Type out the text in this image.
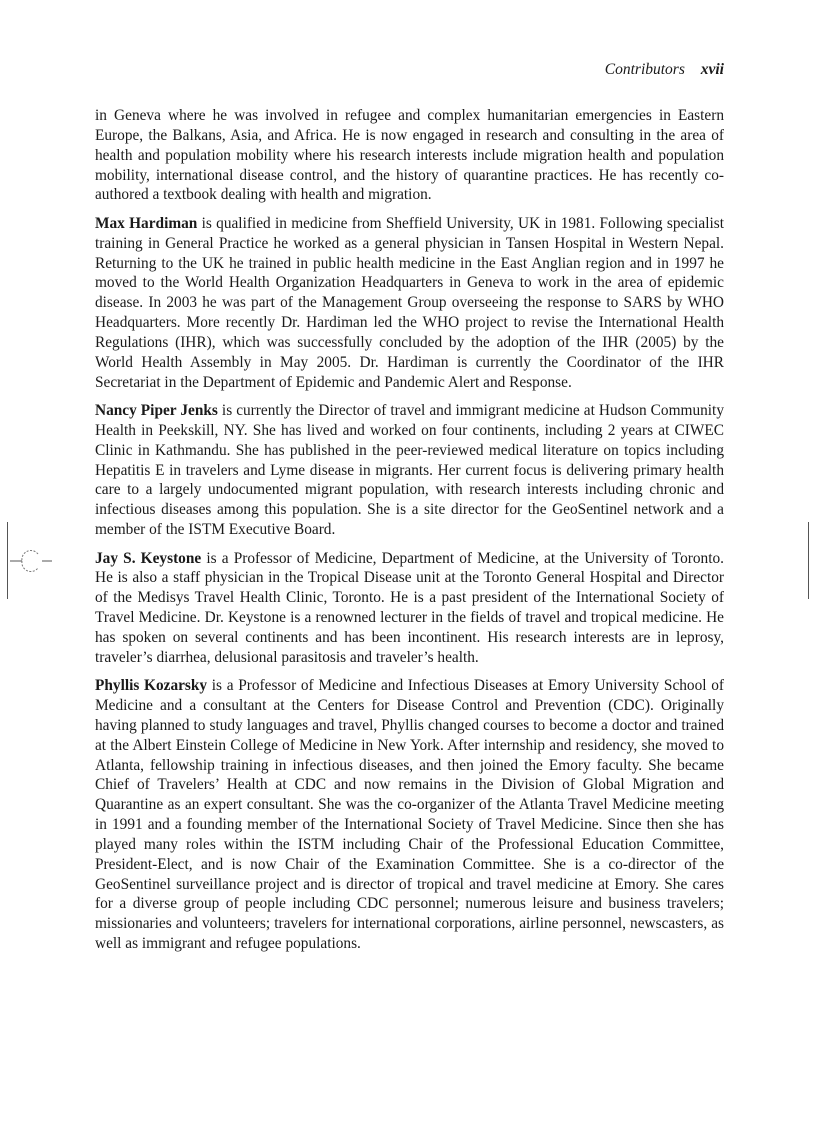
Contributors xvii

in Geneva where he was involved in refugee and complex humanitarian emergencies in Eastern Europe, the Balkans, Asia, and Africa. He is now engaged in research and consulting in the area of health and population mobility where his research interests include migration health and population mobility, international disease control, and the history of quarantine practices. He has recently co-authored a textbook dealing with health and migration.

Max Hardiman is qualified in medicine from Sheffield University, UK in 1981. Following specialist training in General Practice he worked as a general physician in Tansen Hospital in Western Nepal. Returning to the UK he trained in public health medicine in the East Anglian region and in 1997 he moved to the World Health Organization Headquarters in Geneva to work in the area of epidemic disease. In 2003 he was part of the Management Group overseeing the response to SARS by WHO Headquarters. More recently Dr. Hardiman led the WHO project to revise the International Health Regulations (IHR), which was successfully concluded by the adoption of the IHR (2005) by the World Health Assembly in May 2005. Dr. Hardiman is currently the Coordinator of the IHR Secretariat in the Department of Epidemic and Pandemic Alert and Response.

Nancy Piper Jenks is currently the Director of travel and immigrant medicine at Hudson Community Health in Peekskill, NY. She has lived and worked on four continents, including 2 years at CIWEC Clinic in Kathmandu. She has published in the peer-reviewed medical literature on topics including Hepatitis E in travelers and Lyme disease in migrants. Her current focus is delivering primary health care to a largely undocumented migrant population, with research interests including chronic and infectious diseases among this population. She is a site director for the GeoSentinel network and a member of the ISTM Executive Board.

Jay S. Keystone is a Professor of Medicine, Department of Medicine, at the University of Toronto. He is also a staff physician in the Tropical Disease unit at the Toronto General Hospital and Director of the Medisys Travel Health Clinic, Toronto. He is a past president of the International Society of Travel Medicine. Dr. Keystone is a renowned lecturer in the fields of travel and tropical medicine. He has spoken on several continents and has been incontinent. His research interests are in leprosy, traveler’s diarrhea, delusional parasitosis and traveler’s health.

Phyllis Kozarsky is a Professor of Medicine and Infectious Diseases at Emory University School of Medicine and a consultant at the Centers for Disease Control and Prevention (CDC). Originally having planned to study languages and travel, Phyllis changed courses to become a doctor and trained at the Albert Einstein College of Medicine in New York. After internship and residency, she moved to Atlanta, fellowship training in infectious diseases, and then joined the Emory faculty. She became Chief of Travelers’ Health at CDC and now remains in the Division of Global Migration and Quarantine as an expert consultant. She was the co-organizer of the Atlanta Travel Medicine meeting in 1991 and a founding member of the International Society of Travel Medicine. Since then she has played many roles within the ISTM including Chair of the Professional Education Committee, President-Elect, and is now Chair of the Examination Committee. She is a co-director of the GeoSentinel surveillance project and is director of tropical and travel medicine at Emory. She cares for a diverse group of people including CDC personnel; numerous leisure and business travelers; missionaries and volunteers; travelers for international corporations, airline personnel, newscasters, as well as immigrant and refugee populations.
